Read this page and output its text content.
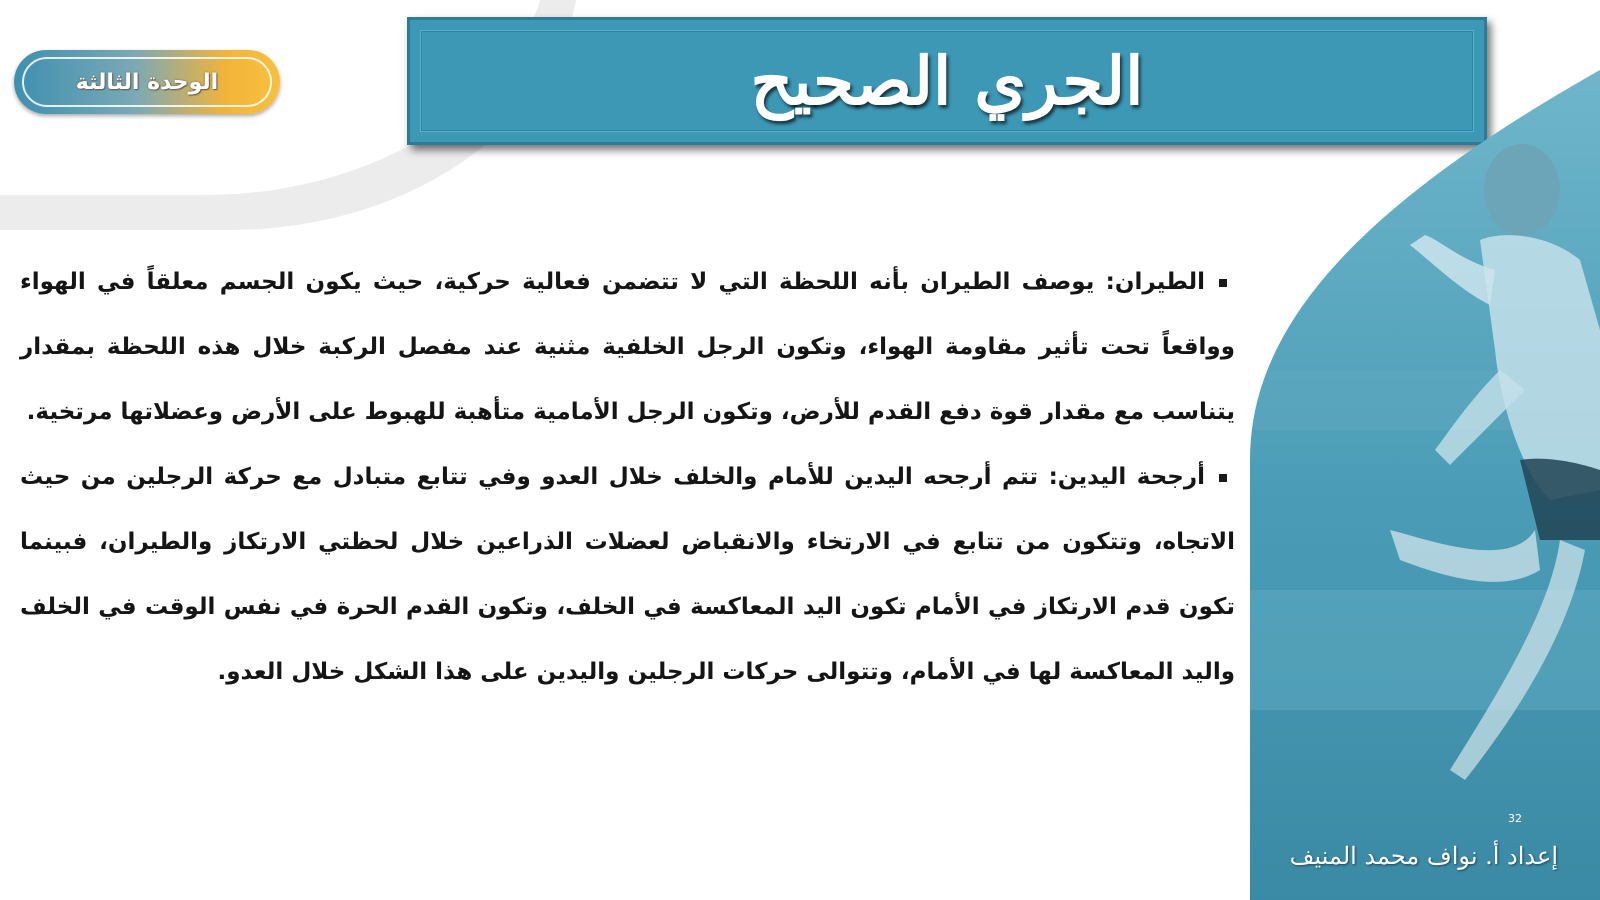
الوحدة الثالثة	الجري الصحيح

الطيران: يوصف الطيران بأنه اللحظة التي لا تتضمن فعالية حركية، حيث يكون الجسم معلقاً في الهواء وواقعاً تحت تأثير مقاومة الهواء، وتكون الرجل الخلفية مثنية عند مفصل الركبة خلال هذه اللحظة بمقدار يتناسب مع مقدار قوة دفع القدم للأرض، وتكون الرجل الأمامية متأهبة للهبوط على الأرض وعضلاتها مرتخية.

أرجحة اليدين: تتم أرجحه اليدين للأمام والخلف خلال العدو وفي تتابع متبادل مع حركة الرجلين من حيث الاتجاه، وتتكون من تتابع في الارتخاء والانقباض لعضلات الذراعين خلال لحظتي الارتكاز والطيران، فبينما تكون قدم الارتكاز في الأمام تكون اليد المعاكسة في الخلف، وتكون القدم الحرة في نفس الوقت في الخلف واليد المعاكسة لها في الأمام، وتتوالى حركات الرجلين واليدين على هذا الشكل خلال العدو.

32
إعداد أ. نواف محمد المنيف
